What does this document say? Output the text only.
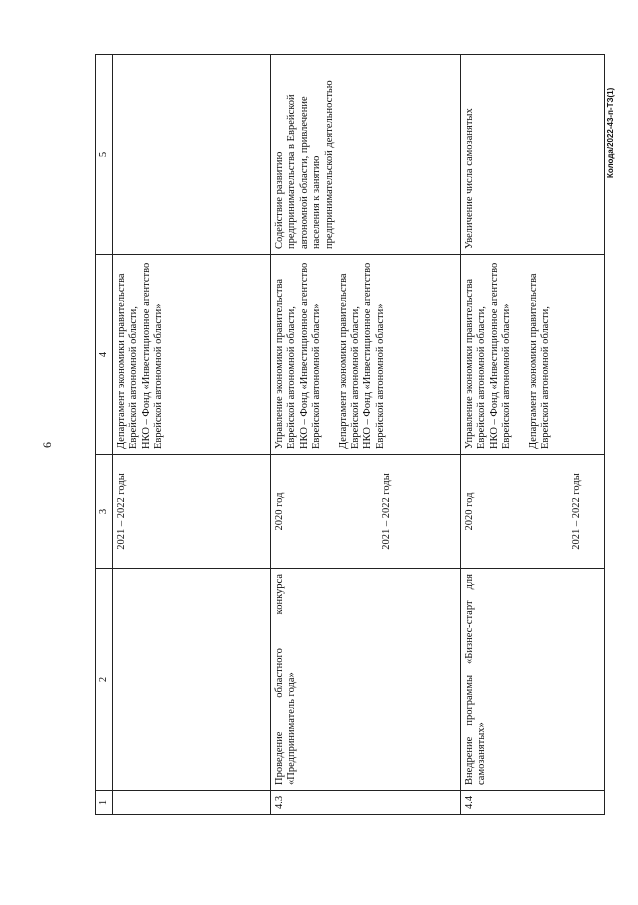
6
Колода/2022-43-п-ТЗ(1)
1	2	3	4	5

		2021 – 2022 годы	Департамент экономики правительства Еврейской автономной области, НКО – Фонд «Инвестиционное агентство Еврейской автономной области»	

4.3	Проведение областного конкурса «Предприниматель года»	2020 год 2021 – 2022 годы	Управление экономики правительства Еврейской автономной области, НКО – Фонд «Инвестиционное агентство Еврейской автономной области» Департамент экономики правительства Еврейской автономной области, НКО – Фонд «Инвестиционное агентство Еврейской автономной области»	Содействие развитию предпринимательства в Еврейской автономной области, привлечение населения к занятию предпринимательской деятельностью
4.4	Внедрение программы «Бизнес-старт для самозанятых»	2020 год 2021 – 2022 годы	Управление экономики правительства Еврейской автономной области, НКО – Фонд «Инвестиционное агентство Еврейской автономной области» Департамент экономики правительства Еврейской автономной области,	Увеличение числа самозанятых
